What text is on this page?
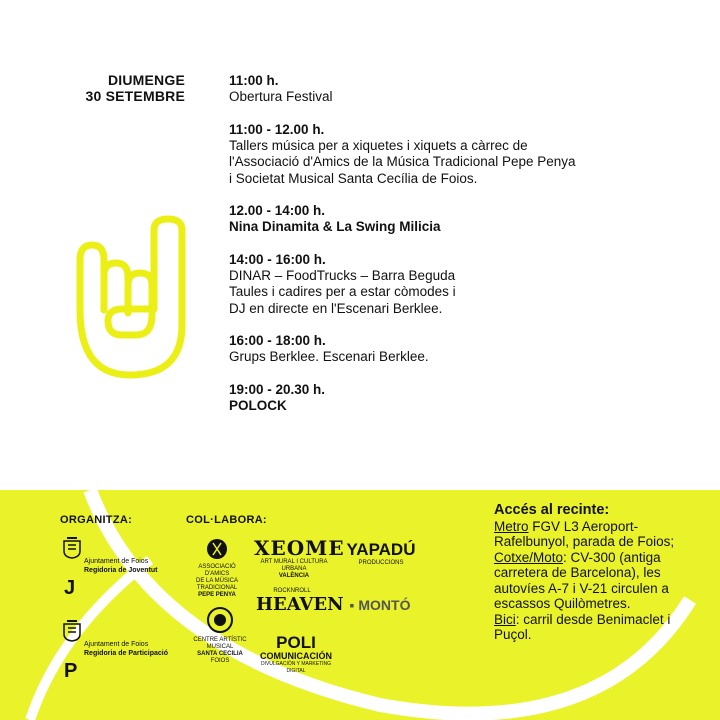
DIUMENGE
30 SETEMBRE
11:00 h.
Obertura Festival
11:00 - 12.00 h.
Tallers música per a xiquetes i xiquets a càrrec de
l'Associació d'Amics de la Música Tradicional Pepe Penya
i Societat Musical Santa Cecília de Foios.
12.00 - 14:00 h.
Nina Dinamita & La Swing Milicia
14:00 - 16:00 h.
DINAR – FoodTrucks – Barra Beguda
Taules i cadires per a estar còmodes i
DJ en directe en l'Escenari Berklee.
16:00 - 18:00 h.
Grups Berklee. Escenari Berklee.
19:00 - 20.30 h.
POLOCK
ORGANITZA:	COL·LABORA:
J
Ajuntament de Foios
Regidoria de Joventut
P
Ajuntament de Foios
Regidoria de Participació
ASSOCIACIÓ D'AMICS
DE LA MÚSICA TRADICIONAL
PEPE PENYA
XEOME
ART MURAL I CULTURA URBANA
VALÈNCIA
YAPADÚ
PRODUCCIONS
ROCKNROLL
HEAVEN ▪ MONTÓ
CENTRE ARTÍSTIC MUSICAL
SANTA CECILIA
FOIOS
POLI
COMUNICACIÓN
DIVULGACIÓN Y MARKETING DIGITAL
Accés al recinte:
Metro FGV L3 Aeroport-Rafelbunyol, parada de Foios;
Cotxe/Moto: CV-300 (antiga carretera de Barcelona), les autovíes A-7 i V-21 circulen a escassos Quilòmetres.
Bici: carril desde Benimaclet i Puçol.
